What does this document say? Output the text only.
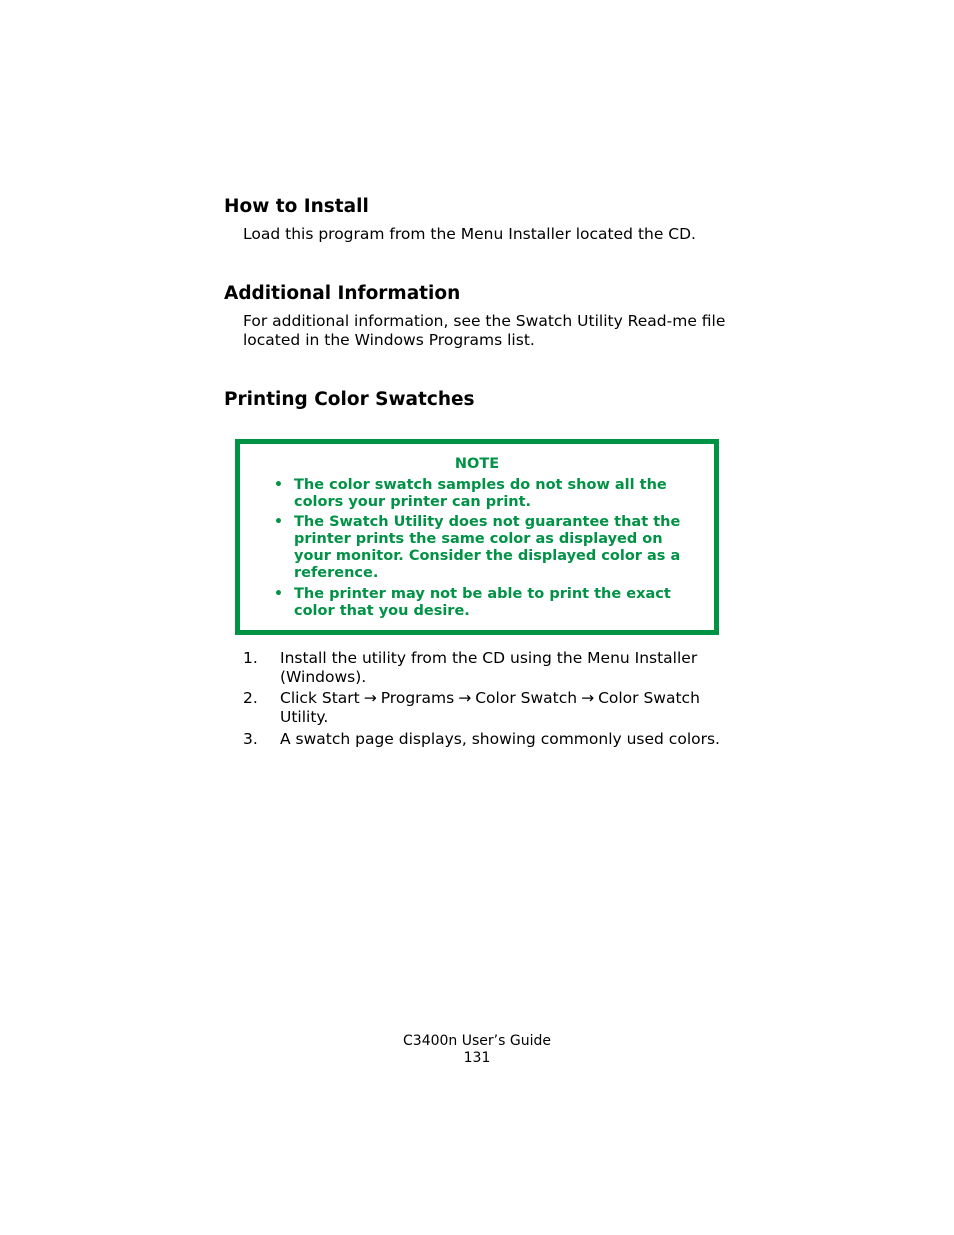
How to Install
Load this program from the Menu Installer located the CD.
Additional Information
For additional information, see the Swatch Utility Read-me file located in the Windows Programs list.
Printing Color Swatches
NOTE
• The color swatch samples do not show all the colors your printer can print.
• The Swatch Utility does not guarantee that the printer prints the same color as displayed on your monitor. Consider the displayed color as a reference.
• The printer may not be able to print the exact color that you desire.
1. Install the utility from the CD using the Menu Installer (Windows).
2. Click Start → Programs → Color Swatch → Color Swatch Utility.
3. A swatch page displays, showing commonly used colors.
C3400n User’s Guide
131
